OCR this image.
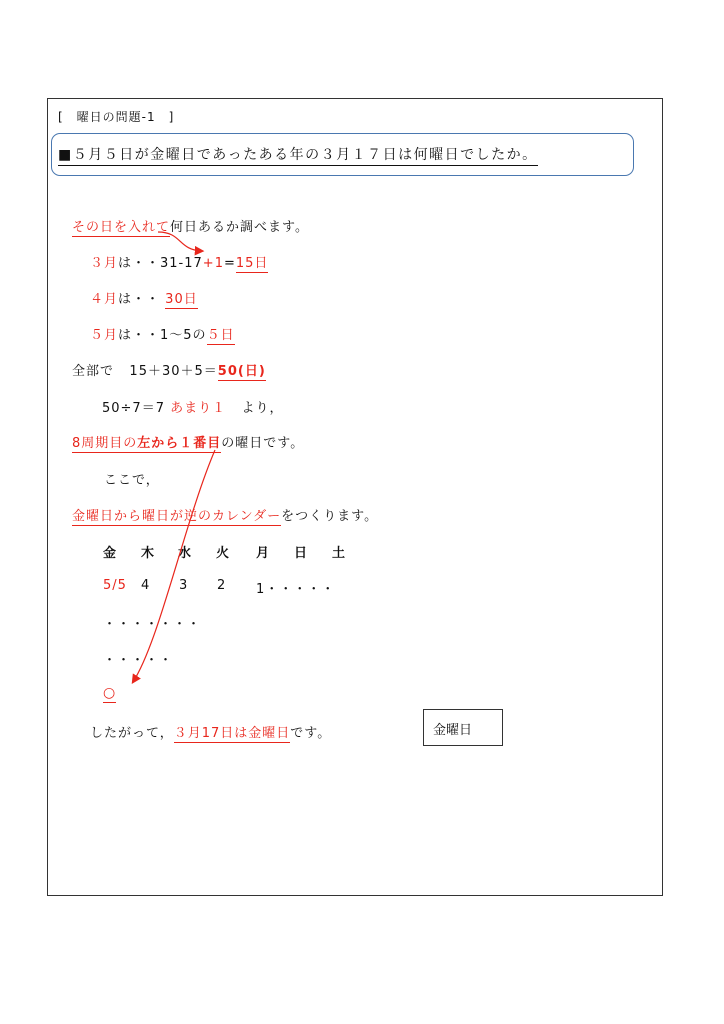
[　曜日の問題-1　]
■５月５日が金曜日であったある年の３月１７日は何曜日でしたか。
その日を入れて何日あるか調べます。
３月は・・31-17+1=15日
４月は・・ 30日
５月は・・1〜5の５日
全部で 15＋30＋5＝50(日)
50÷7＝7 あまり１ より，
8周期目の左から１番目の曜日です。
ここで，
金曜日から曜日が逆のカレンダーをつくります。
金 木 水 火 月 日 土
5/5 4 3 2 1・・・・・
・・・・・・・
・・・・・
○
したがって，３月17日は金曜日です。	金曜日
